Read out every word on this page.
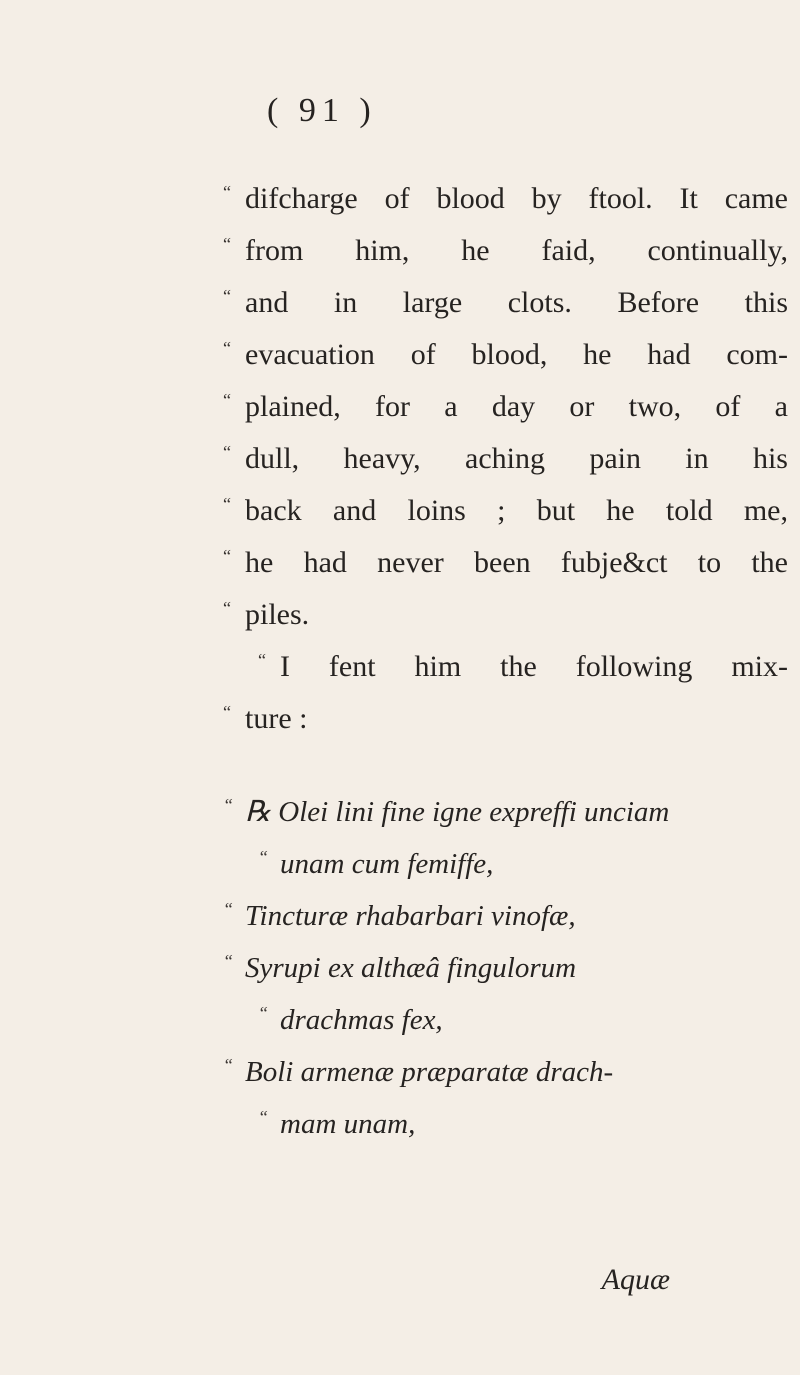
( 91 )
“ difcharge of blood by ftool. It came
“ from him, he faid, continually,
“ and in large clots. Before this
“ evacuation of blood, he had com-
“ plained, for a day or two, of a
“ dull, heavy, aching pain in his
“ back and loins ; but he told me,
“ he had never been fubje&ct to the
“ piles.
“ I fent him the following mix-
“ ture :
“ ℞ Olei lini fine igne expreffi unciam
“ unam cum femiffe,
“ Tincturæ rhabarbari vinofæ,
“ Syrupi ex althæâ fingulorum
“ drachmas fex,
“ Boli armenæ præparatæ drach-
“ mam unam,
Aquæ
